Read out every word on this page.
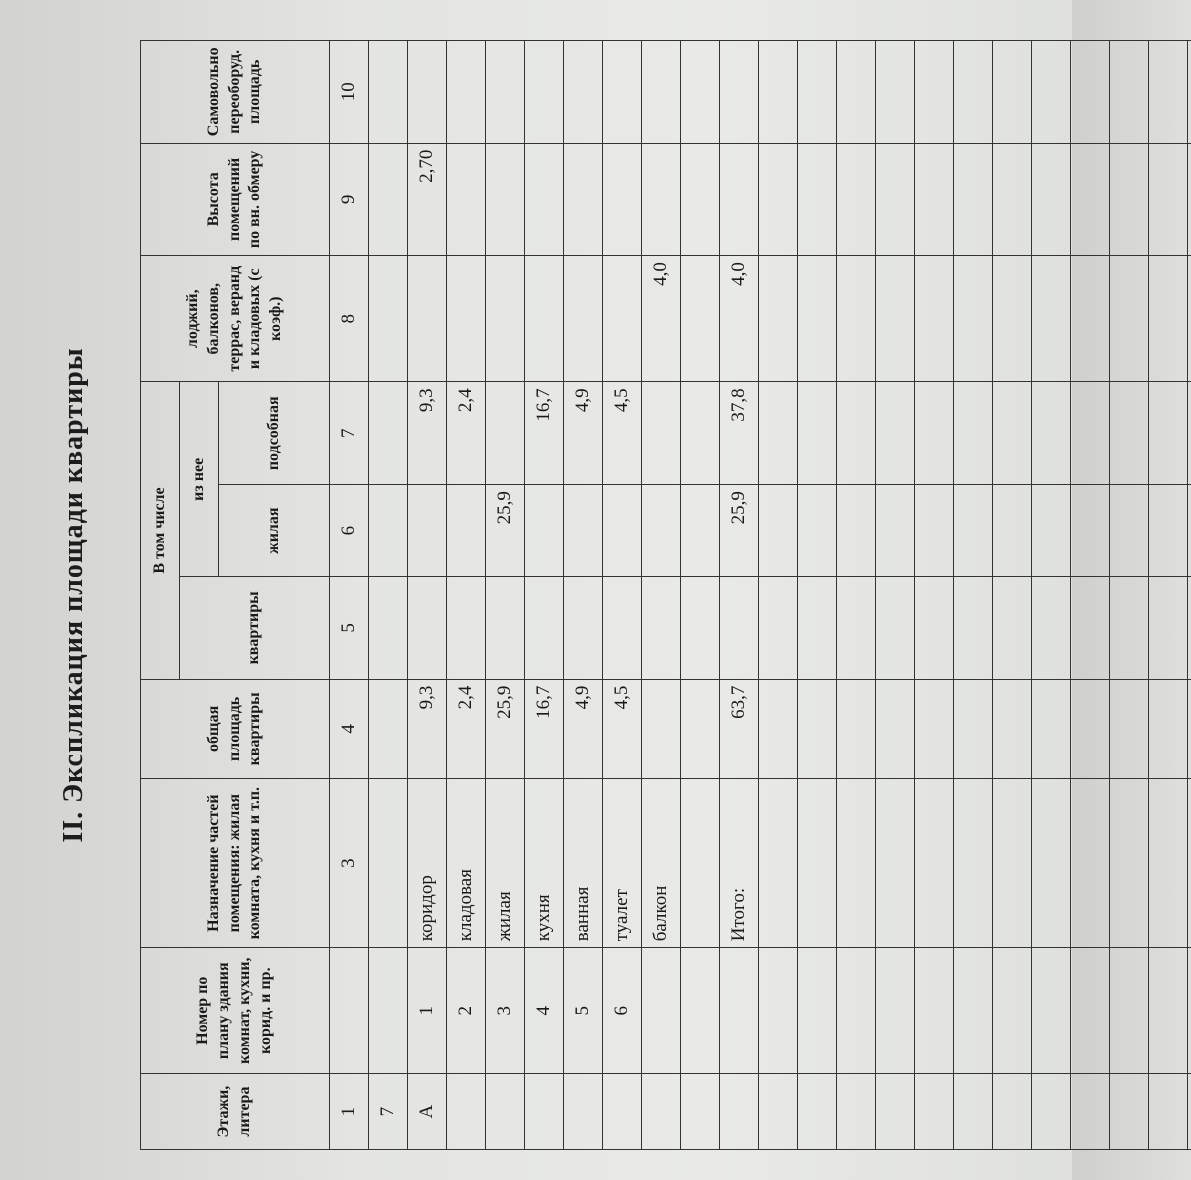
Этажи, литера	Номер по плану здания комнат, кухни, корид. и пр.	Назначение частей помещения: жилая комната, кухня и т.п.	общая площадь квартиры	В том числе			лоджий, балконов, террас, веранд и кладовых (с коэф.)	Высота помещений по вн. обмеру	Самовольно переоборуд. площадь
				квартиры	из нее				
					жилая	подсобная			
1		3	4	5	6	7	8	9	10
7									
А	1	коридор	9,3			9,3		2,70	
	2	кладовая	2,4			2,4			
	3	жилая	25,9		25,9				
	4	кухня	16,7			16,7			
	5	ванная	4,9			4,9			
	6	туалет	4,5			4,5			
		балкон					4,0		

		Итого:	63,7		25,9	37,8	4,0		

II. Экспликация площади квартиры
